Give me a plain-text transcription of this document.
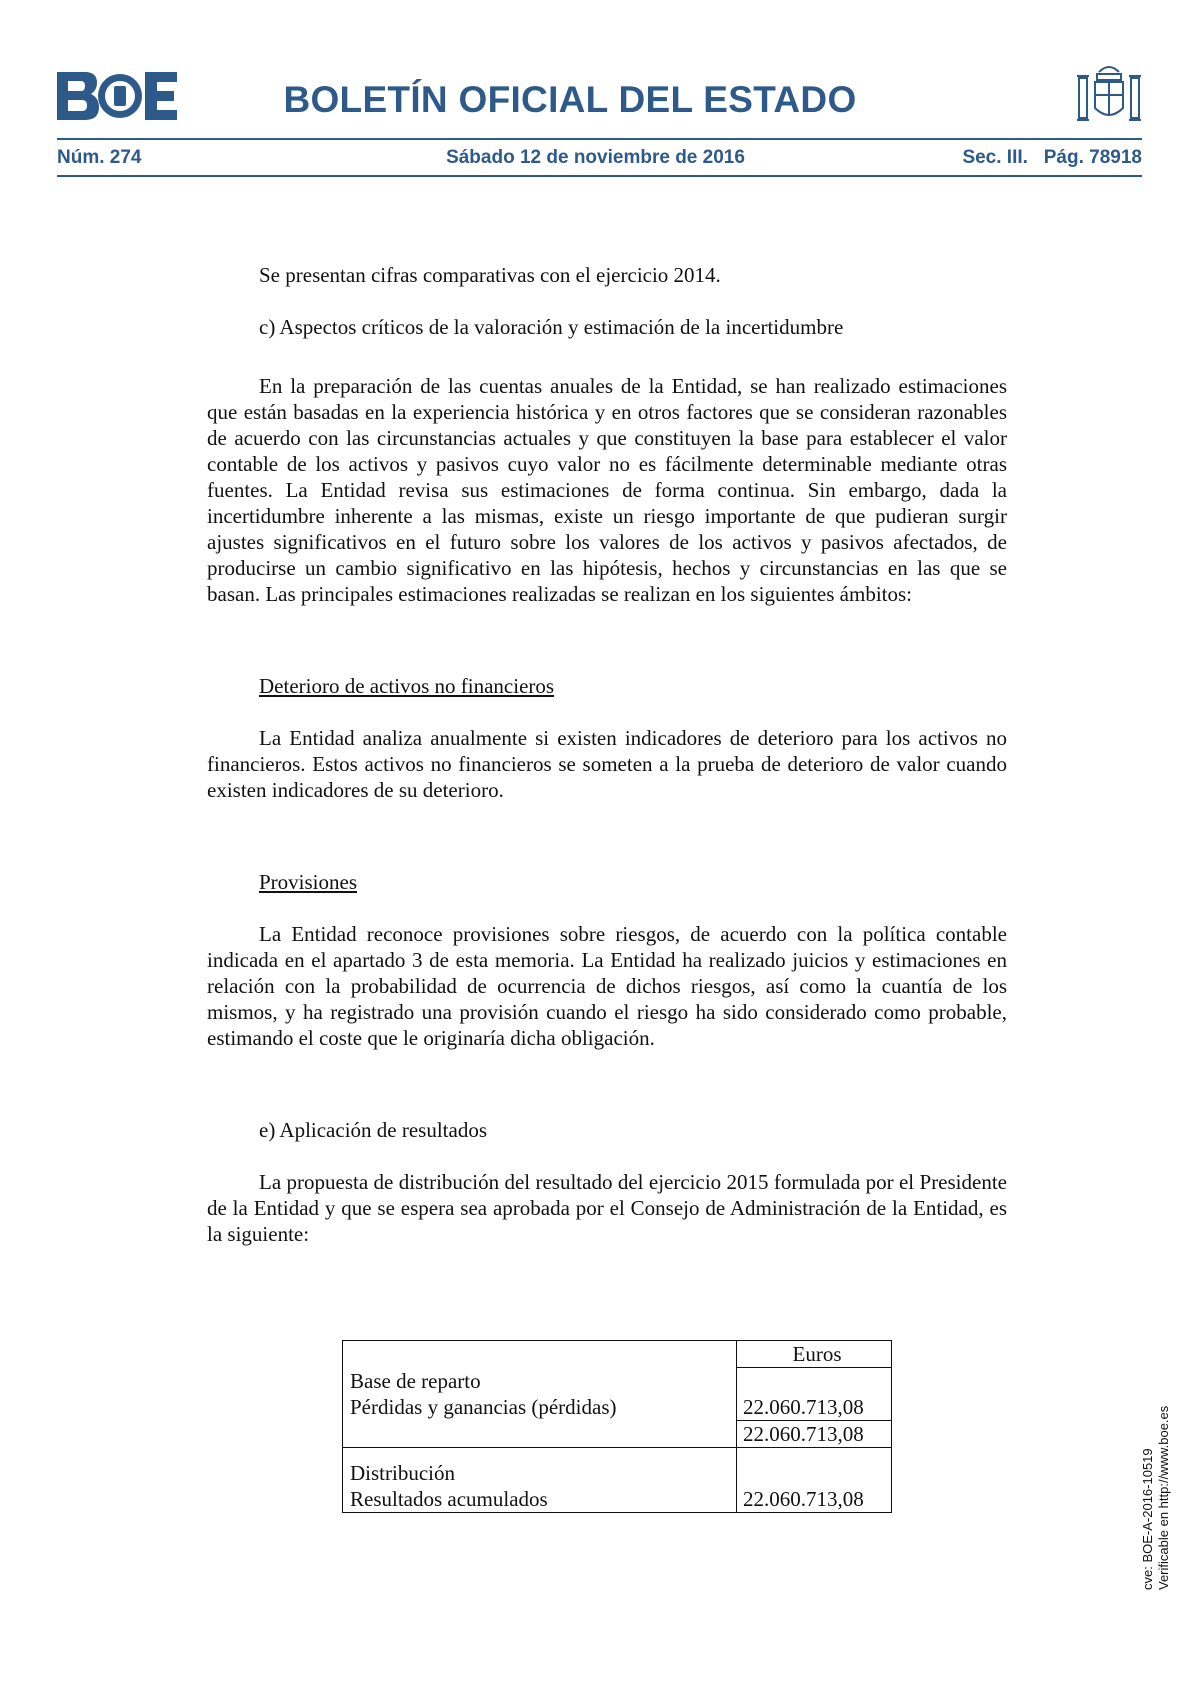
BOLETÍN OFICIAL DEL ESTADO
Núm. 274	Sábado 12 de noviembre de 2016	Sec. III.   Pág. 78918

Se presentan cifras comparativas con el ejercicio 2014.

c) Aspectos críticos de la valoración y estimación de la incertidumbre

En la preparación de las cuentas anuales de la Entidad, se han realizado estimaciones que están basadas en la experiencia histórica y en otros factores que se consideran razonables de acuerdo con las circunstancias actuales y que constituyen la base para establecer el valor contable de los activos y pasivos cuyo valor no es fácilmente determinable mediante otras fuentes. La Entidad revisa sus estimaciones de forma continua. Sin embargo, dada la incertidumbre inherente a las mismas, existe un riesgo importante de que pudieran surgir ajustes significativos en el futuro sobre los valores de los activos y pasivos afectados, de producirse un cambio significativo en las hipótesis, hechos y circunstancias en las que se basan. Las principales estimaciones realizadas se realizan en los siguientes ámbitos:

Deterioro de activos no financieros

La Entidad analiza anualmente si existen indicadores de deterioro para los activos no financieros. Estos activos no financieros se someten a la prueba de deterioro de valor cuando existen indicadores de su deterioro.

Provisiones

La Entidad reconoce provisiones sobre riesgos, de acuerdo con la política contable indicada en el apartado 3 de esta memoria. La Entidad ha realizado juicios y estimaciones en relación con la probabilidad de ocurrencia de dichos riesgos, así como la cuantía de los mismos, y ha registrado una provisión cuando el riesgo ha sido considerado como probable, estimando el coste que le originaría dicha obligación.

e) Aplicación de resultados

La propuesta de distribución del resultado del ejercicio 2015 formulada por el Presidente de la Entidad y que se espera sea aprobada por el Consejo de Administración de la Entidad, es la siguiente:

	Euros
Base de reparto
Pérdidas y ganancias (pérdidas)	22.060.713,08
	22.060.713,08

Distribución
Resultados acumulados	22.060.713,08	cve: BOE-A-2016-10519 Verificable en http://www.boe.es
